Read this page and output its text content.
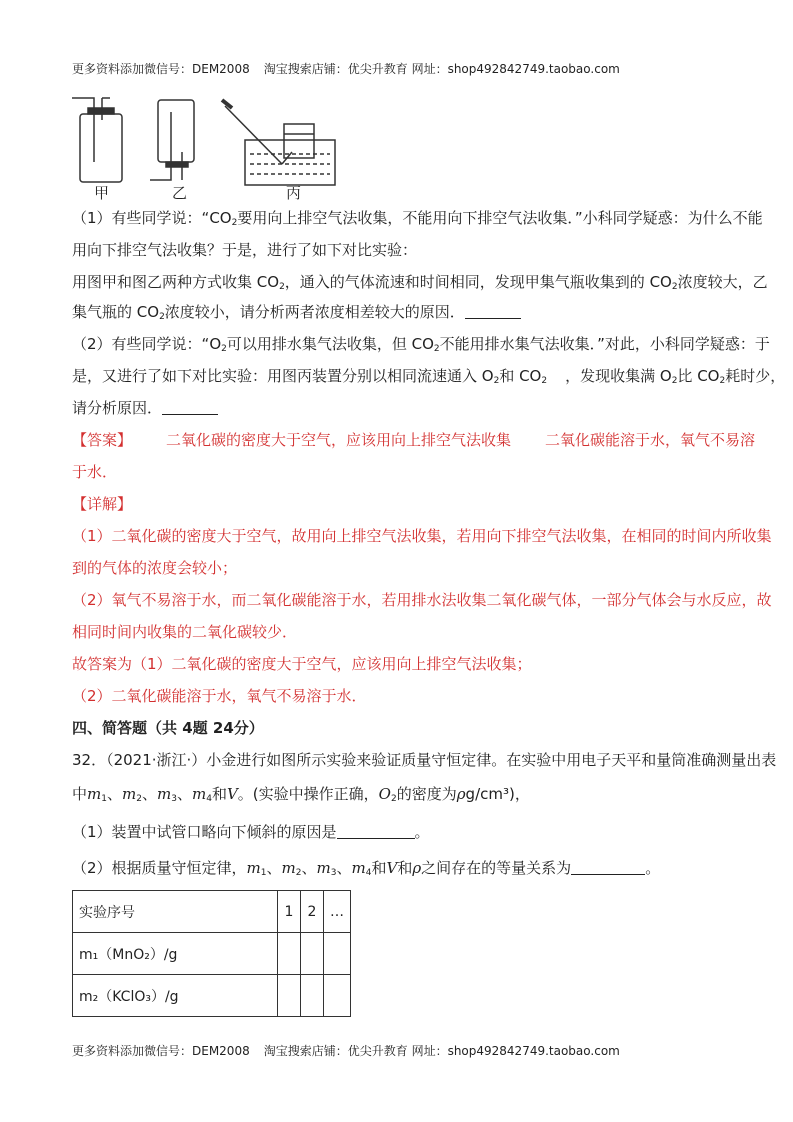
更多资料添加微信号：DEM2008 淘宝搜索店铺：优尖升教育 网址：shop492842749.taobao.com
甲	乙	丙
（1）有些同学说：“$CO_2$要用向上排空气法收集，不能用向下排空气法收集．”小科同学疑惑：为什么不能
用向下排空气法收集？于是，进行了如下对比实验：
用图甲和图乙两种方式收集 $CO_2$，通入的气体流速和时间相同，发现甲集气瓶收集到的 $CO_2$浓度较大，乙
集气瓶的 $CO_2$浓度较小，请分析两者浓度相差较大的原因．
（2）有些同学说：“$O_2$可以用排水集气法收集，但 $CO_2$不能用排水集气法收集．”对此，小科同学疑惑：于
是，又进行了如下对比实验：用图丙装置分别以相同流速通入 $O_2$和 $CO_2$ ，发现收集满 $O_2$比 $CO_2$耗时少，
请分析原因．
【答案】 二氧化碳的密度大于空气，应该用向上排空气法收集 二氧化碳能溶于水，氧气不易溶
于水．
【详解】
（1）二氧化碳的密度大于空气，故用向上排空气法收集，若用向下排空气法收集，在相同的时间内所收集
到的气体的浓度会较小；
（2）氧气不易溶于水，而二氧化碳能溶于水，若用排水法收集二氧化碳气体，一部分气体会与水反应，故
相同时间内收集的二氧化碳较少．
故答案为（1）二氧化碳的密度大于空气，应该用向上排空气法收集；
（2）二氧化碳能溶于水，氧气不易溶于水．
四、简答题（共 4题 24分）
32．（2021·浙江·）小金进行如图所示实验来验证质量守恒定律。在实验中用电子天平和量筒准确测量出表
中$m_1$、$m_2$、$m_3$、$m_4$和V。(实验中操作正确，$O_2$的密度为ρg/cm³)，
（1）装置中试管口略向下倾斜的原因是	。
（2）根据质量守恒定律，$m_1$、$m_2$、$m_3$、$m_4$和V和ρ之间存在的等量关系为	。
实验序号	1	2	…
m₁（MnO₂）/g			
m₂（KClO₃）/g			
更多资料添加微信号：DEM2008 淘宝搜索店铺：优尖升教育 网址：shop492842749.taobao.com
